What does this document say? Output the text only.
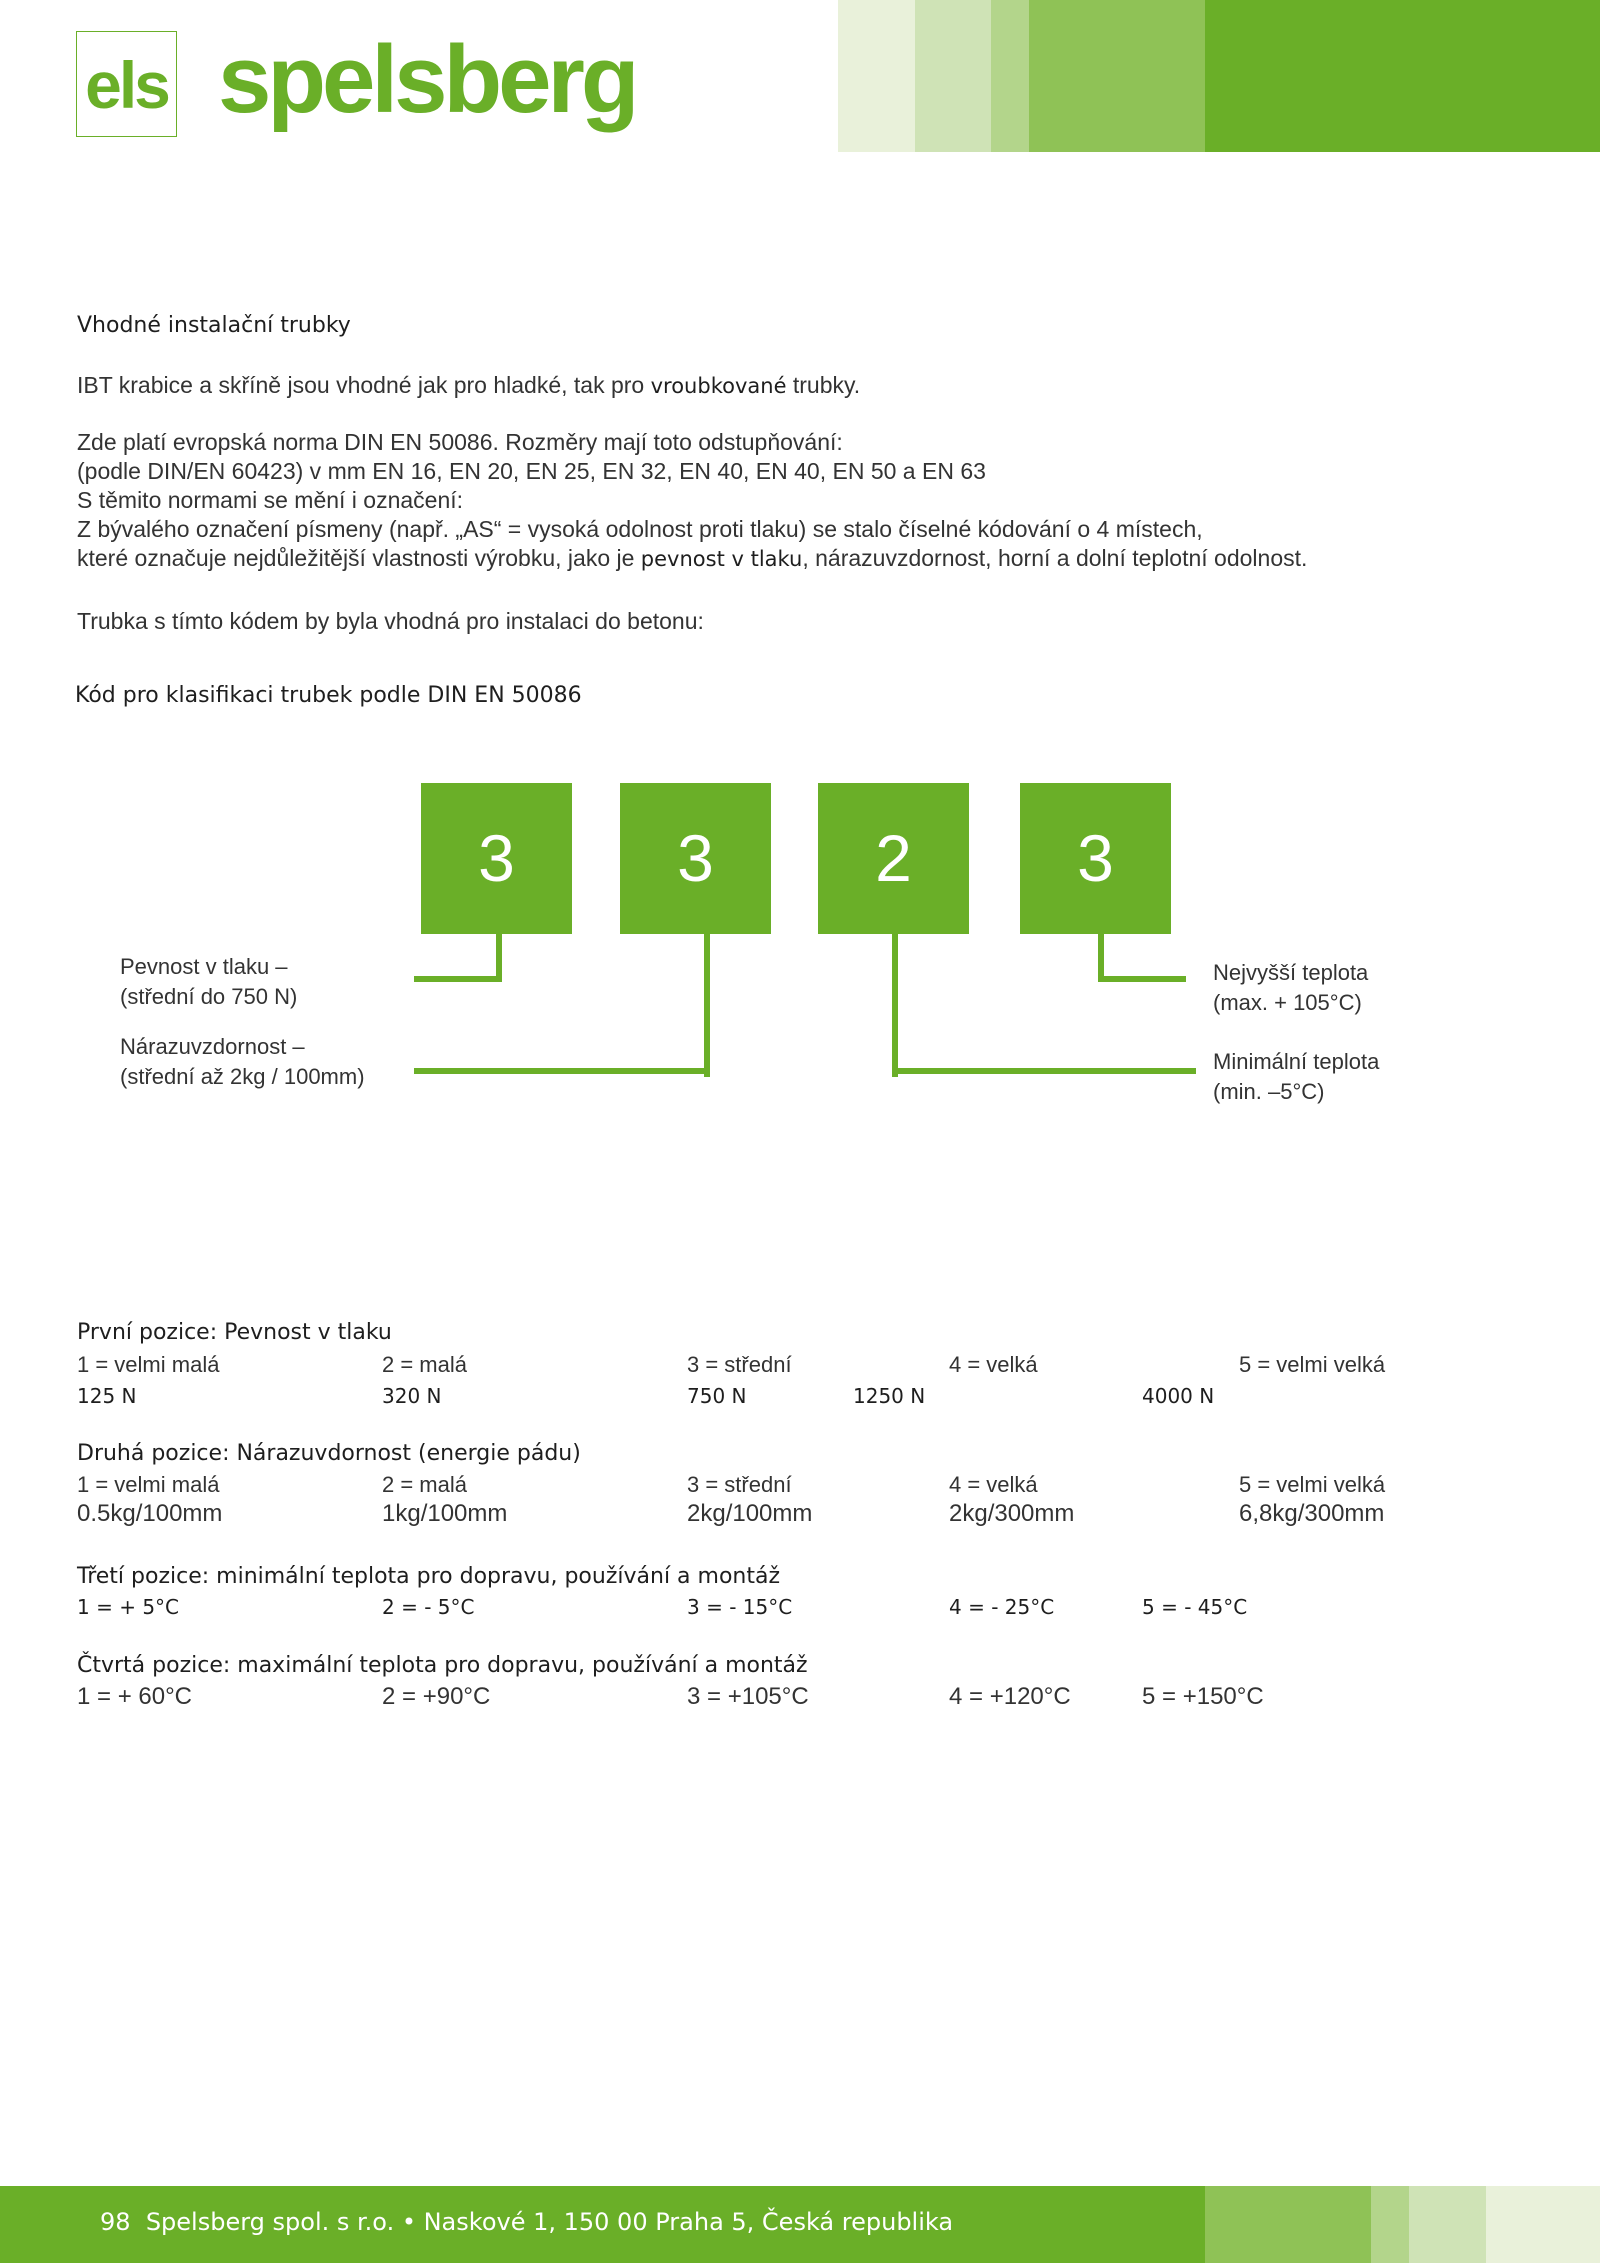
els spelsberg
Vhodné instalační trubky
IBT krabice a skříně jsou vhodné jak pro hladké, tak pro vroubkované trubky.
Zde platí evropská norma DIN EN 50086. Rozměry mají toto odstupňování:
(podle DIN/EN 60423) v mm EN 16, EN 20, EN 25, EN 32, EN 40, EN 40, EN 50 a EN 63
S těmito normami se mění i označení:
Z bývalého označení písmeny (např. „AS“ = vysoká odolnost proti tlaku) se stalo číselné kódování o 4 místech,
které označuje nejdůležitější vlastnosti výrobku, jako je pevnost v tlaku, nárazuvzdornost, horní a dolní teplotní odolnost.
Trubka s tímto kódem by byla vhodná pro instalaci do betonu:
Kód pro klasifikaci trubek podle DIN EN 50086
3	3	2	3
Pevnost v tlaku –
(střední do 750 N)
Nárazuvzdornost –
(střední až 2kg / 100mm)
Nejvyšší teplota
(max. + 105°C)
Minimální teplota
(min. –5°C)
První pozice: Pevnost v tlaku
1 = velmi malá	2 = malá	3 = střední	4 = velká	5 = velmi velká
125 N	320 N	750 N	1250 N	4000 N
Druhá pozice: Nárazuvdornost (energie pádu)
1 = velmi malá	2 = malá	3 = střední	4 = velká	5 = velmi velká
0.5kg/100mm	1kg/100mm	2kg/100mm	2kg/300mm	6,8kg/300mm
Třetí pozice: minimální teplota pro dopravu, používání a montáž
1 = + 5°C	2 = - 5°C	3 = - 15°C	4 = - 25°C	5 = - 45°C
Čtvrtá pozice: maximální teplota pro dopravu, používání a montáž
1 = + 60°C	2 = +90°C	3 = +105°C	4 = +120°C	5 = +150°C
98 Spelsberg spol. s r.o. • Naskové 1, 150 00 Praha 5, Česká republika
